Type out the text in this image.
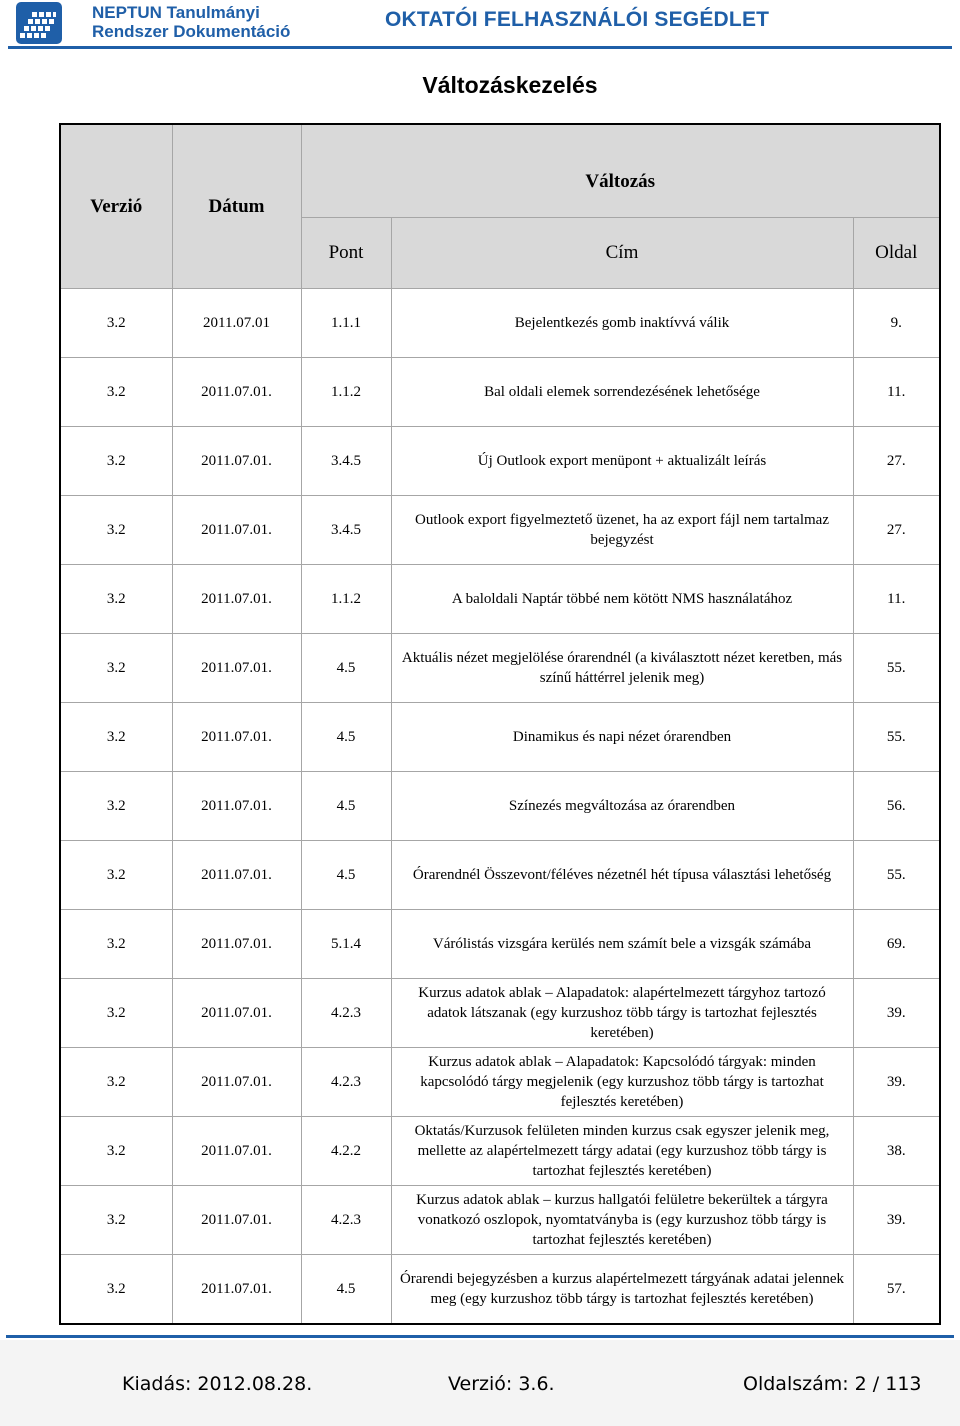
NEPTUN Tanulmányi
Rendszer Dokumentáció
OKTATÓI FELHASZNÁLÓI SEGÉDLET
Változáskezelés
Verzió	Dátum	Változás		
		Pont	Cím	Oldal
3.2	2011.07.01	1.1.1	Bejelentkezés gomb inaktívvá válik	9.
3.2	2011.07.01.	1.1.2	Bal oldali elemek sorrendezésének lehetősége	11.
3.2	2011.07.01.	3.4.5	Új Outlook export menüpont + aktualizált leírás	27.
3.2	2011.07.01.	3.4.5	Outlook export figyelmeztető üzenet, ha az export fájl nem tartalmaz bejegyzést	27.
3.2	2011.07.01.	1.1.2	A baloldali Naptár többé nem kötött NMS használatához	11.
3.2	2011.07.01.	4.5	Aktuális nézet megjelölése órarendnél (a kiválasztott nézet keretben, más színű háttérrel jelenik meg)	55.
3.2	2011.07.01.	4.5	Dinamikus és napi nézet órarendben	55.
3.2	2011.07.01.	4.5	Színezés megváltozása az órarendben	56.
3.2	2011.07.01.	4.5	Órarendnél Összevont/féléves nézetnél hét típusa választási lehetőség	55.
3.2	2011.07.01.	5.1.4	Várólistás vizsgára kerülés nem számít bele a vizsgák számába	69.
3.2	2011.07.01.	4.2.3	Kurzus adatok ablak – Alapadatok: alapértelmezett tárgyhoz tartozó adatok látszanak (egy kurzushoz több tárgy is tartozhat fejlesztés keretében)	39.
3.2	2011.07.01.	4.2.3	Kurzus adatok ablak – Alapadatok: Kapcsolódó tárgyak: minden kapcsolódó tárgy megjelenik (egy kurzushoz több tárgy is tartozhat fejlesztés keretében)	39.
3.2	2011.07.01.	4.2.2	Oktatás/Kurzusok felületen minden kurzus csak egyszer jelenik meg, mellette az alapértelmezett tárgy adatai (egy kurzushoz több tárgy is tartozhat fejlesztés keretében)	38.
3.2	2011.07.01.	4.2.3	Kurzus adatok ablak – kurzus hallgatói felületre bekerültek a tárgyra vonatkozó oszlopok, nyomtatványba is (egy kurzushoz több tárgy is tartozhat fejlesztés keretében)	39.
3.2	2011.07.01.	4.5	Órarendi bejegyzésben a kurzus alapértelmezett tárgyának adatai jelennek meg (egy kurzushoz több tárgy is tartozhat fejlesztés keretében)	57.
Kiadás: 2012.08.28.	Verzió: 3.6.	Oldalszám: 2 / 113
